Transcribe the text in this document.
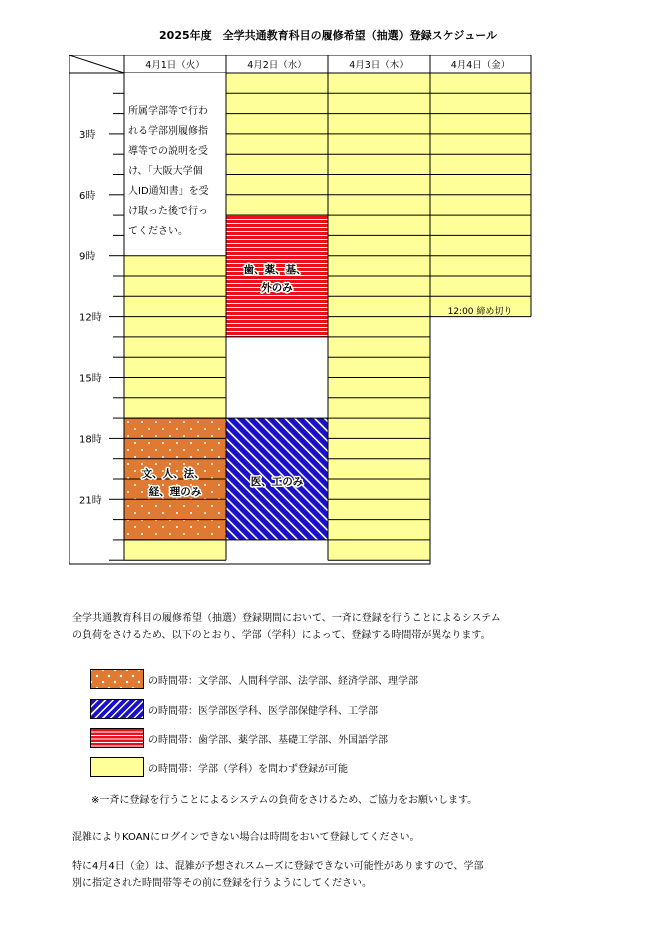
2025年度　全学共通教育科目の履修希望（抽選）登録スケジュール
4月1日（火）	4月2日（水）	4月3日（木）	4月4日（金）
3時
6時
9時
12時
15時
18時
21時
所属学部等で行わ れる学部別履修指 導等での説明を受 け、「大阪大学個 人ID通知書」を受 け取った後で行っ てください。
歯、薬、基、 外のみ
文、人、法、 経、理のみ
医、工のみ
12:00 締め切り
全学共通教育科目の履修希望（抽選）登録期間において、一斉に登録を行うことによるシステム
の負荷をさけるため、以下のとおり、学部（学科）によって、登録する時間帯が異なります。
の時間帯：文学部、人間科学部、法学部、経済学部、理学部
の時間帯：医学部医学科、医学部保健学科、工学部
の時間帯：歯学部、薬学部、基礎工学部、外国語学部
の時間帯：学部（学科）を問わず登録が可能
※一斉に登録を行うことによるシステムの負荷をさけるため、ご協力をお願いします。
混雑によりKOANにログインできない場合は時間をおいて登録してください。
特に4月4日（金）は、混雑が予想されスムーズに登録できない可能性がありますので、学部
別に指定された時間帯等その前に登録を行うようにしてください。
